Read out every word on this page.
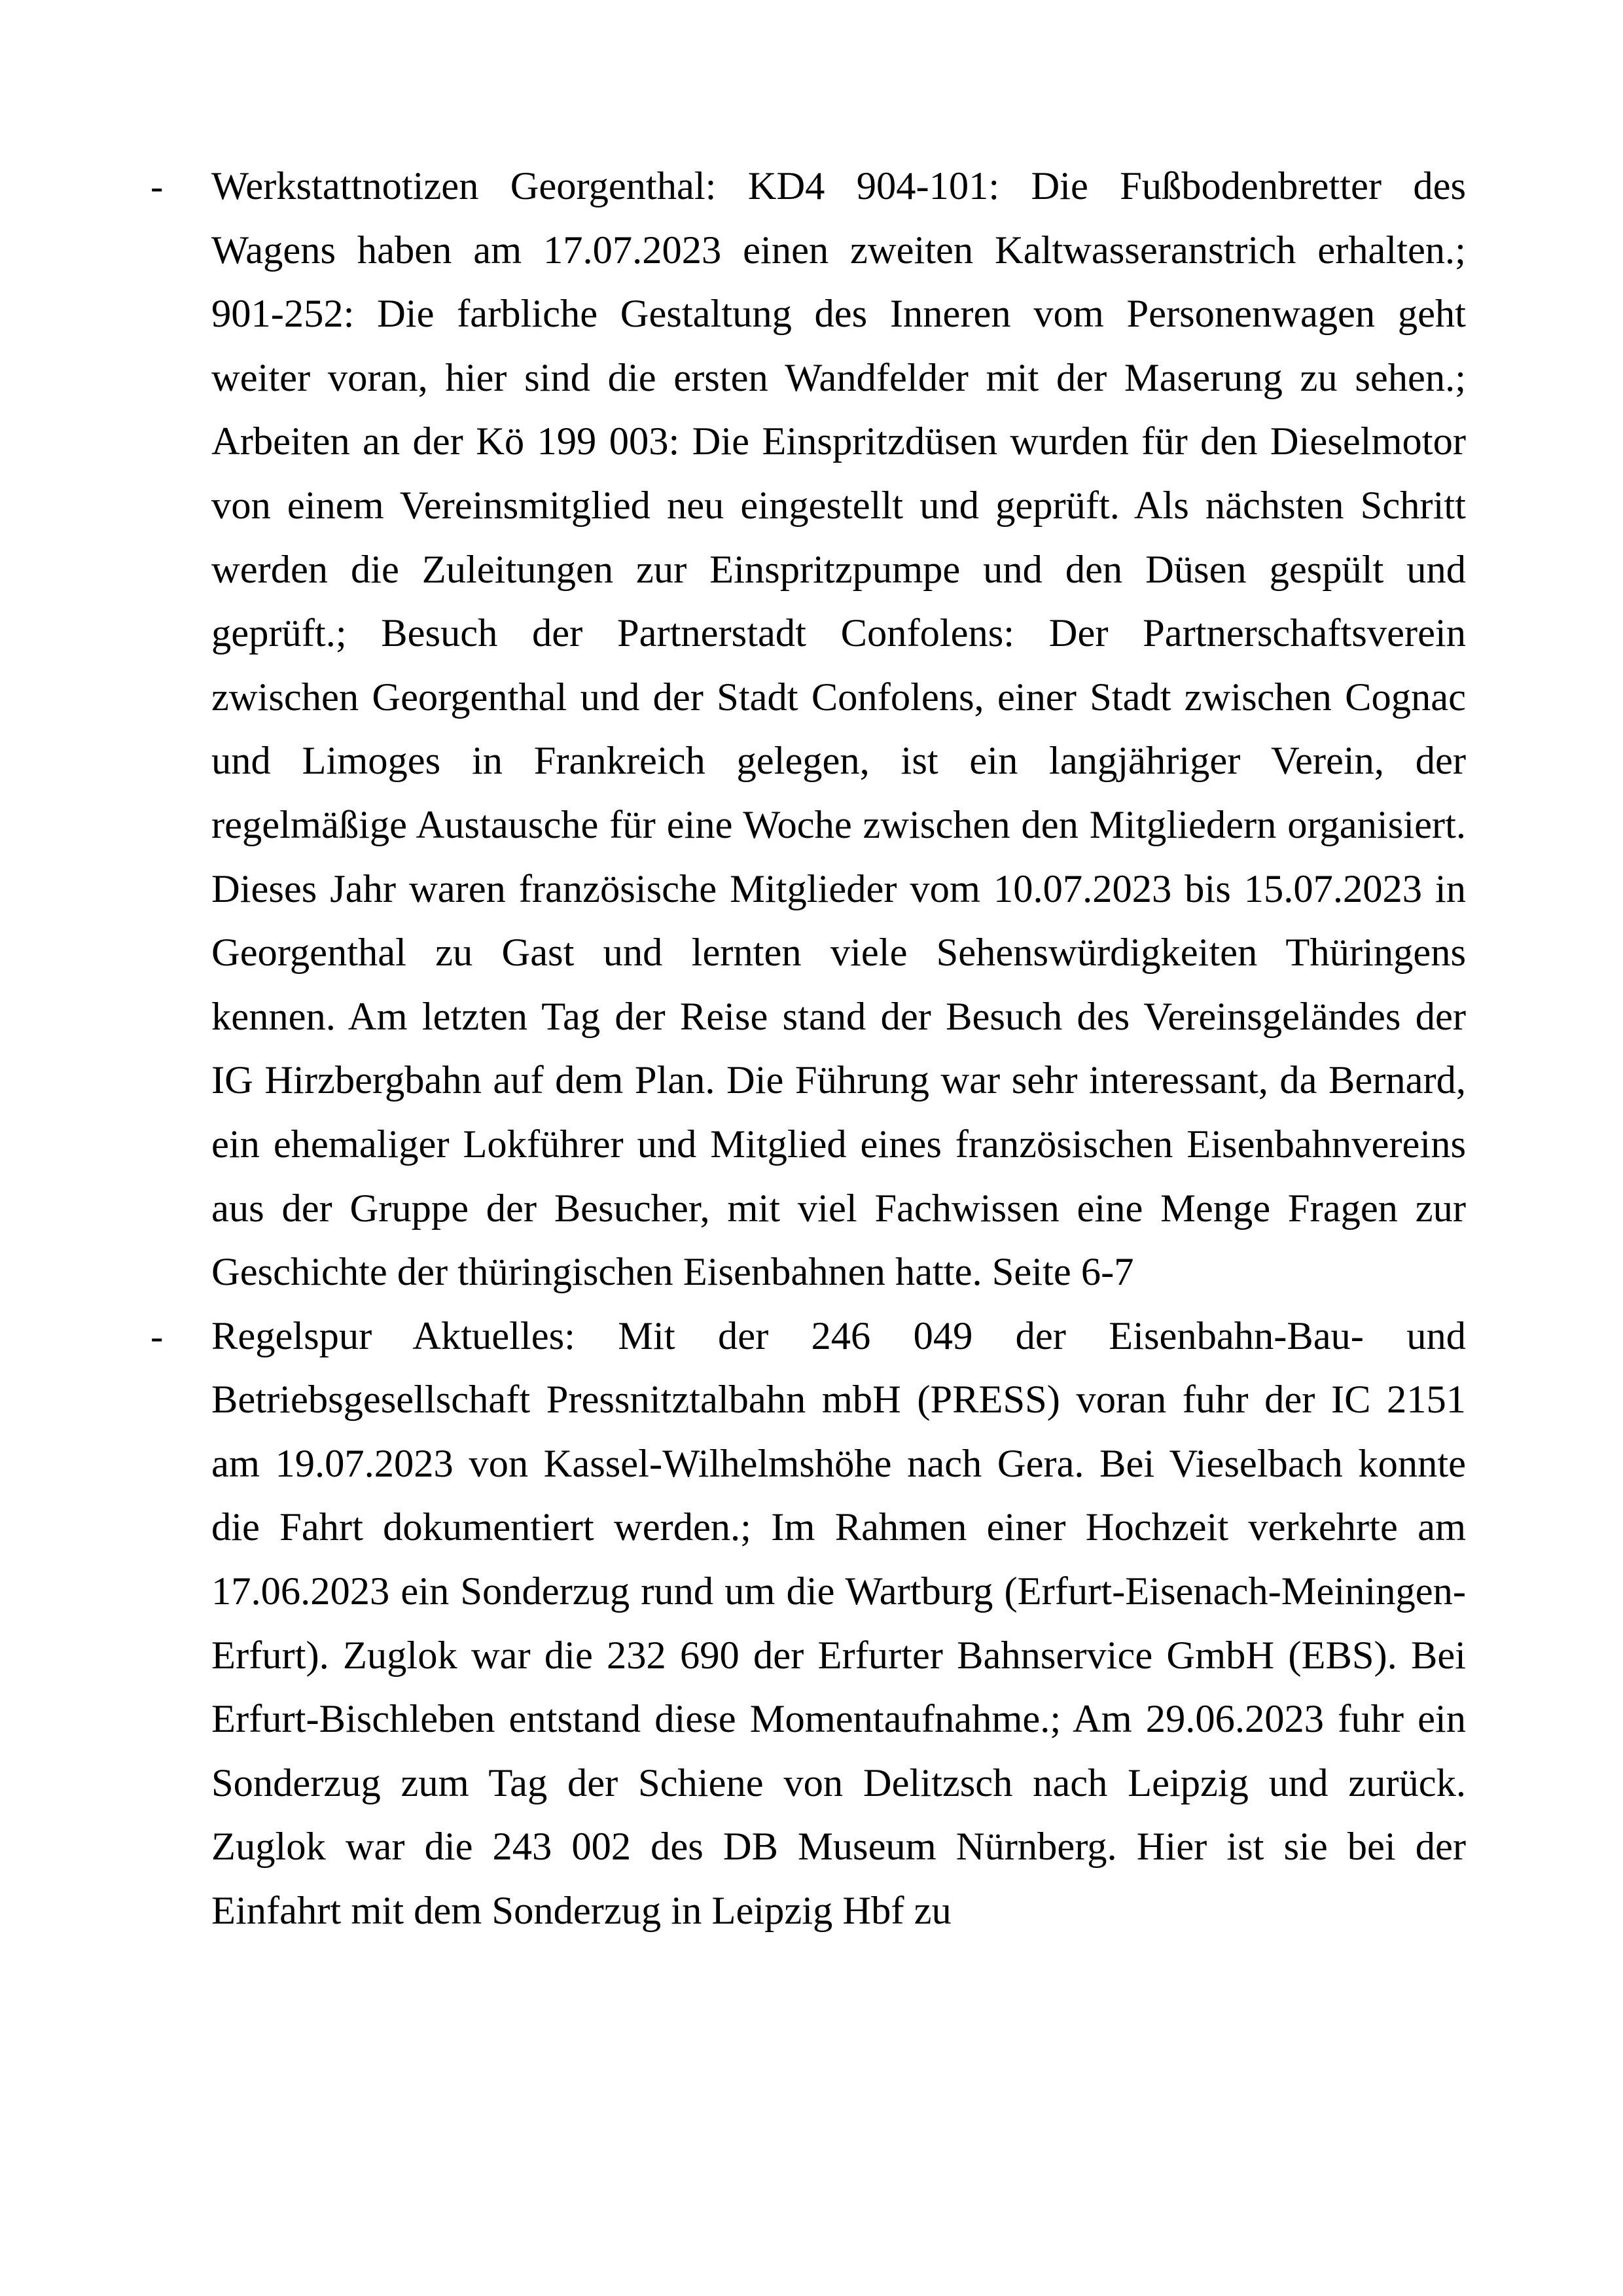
-	Werkstattnotizen Georgenthal: KD4 904-101: Die Fußbodenbretter des Wagens haben am 17.07.2023 einen zweiten Kaltwasseranstrich erhalten.; 901-252: Die farbliche Gestaltung des Inneren vom Personenwagen geht weiter voran, hier sind die ersten Wandfelder mit der Maserung zu sehen.; Arbeiten an der Kö 199 003: Die Einspritzdüsen wurden für den Dieselmotor von einem Vereinsmitglied neu eingestellt und geprüft. Als nächsten Schritt werden die Zuleitungen zur Einspritzpumpe und den Düsen gespült und geprüft.; Besuch der Partnerstadt Confolens: Der Partnerschaftsverein zwischen Georgenthal und der Stadt Confolens, einer Stadt zwischen Cognac und Limoges in Frankreich gelegen, ist ein langjähriger Verein, der regelmäßige Austausche für eine Woche zwischen den Mitgliedern organisiert. Dieses Jahr waren französische Mitglieder vom 10.07.2023 bis 15.07.2023 in Georgenthal zu Gast und lernten viele Sehenswürdigkeiten Thüringens kennen. Am letzten Tag der Reise stand der Besuch des Vereinsgeländes der IG Hirzbergbahn auf dem Plan. Die Führung war sehr interessant, da Bernard, ein ehemaliger Lokführer und Mitglied eines französischen Eisenbahnvereins aus der Gruppe der Besucher, mit viel Fachwissen eine Menge Fragen zur Geschichte der thüringischen Eisenbahnen hatte. Seite 6-7
-	Regelspur Aktuelles: Mit der 246 049 der Eisenbahn-Bau- und Betriebsgesellschaft Pressnitztalbahn mbH (PRESS) voran fuhr der IC 2151 am 19.07.2023 von Kassel-Wilhelmshöhe nach Gera. Bei Vieselbach konnte die Fahrt dokumentiert werden.; Im Rahmen einer Hochzeit verkehrte am 17.06.2023 ein Sonderzug rund um die Wartburg (Erfurt-Eisenach-Meiningen-Erfurt). Zuglok war die 232 690 der Erfurter Bahnservice GmbH (EBS). Bei Erfurt-Bischleben entstand diese Momentaufnahme.; Am 29.06.2023 fuhr ein Sonderzug zum Tag der Schiene von Delitzsch nach Leipzig und zurück. Zuglok war die 243 002 des DB Museum Nürnberg. Hier ist sie bei der Einfahrt mit dem Sonderzug in Leipzig Hbf zu
